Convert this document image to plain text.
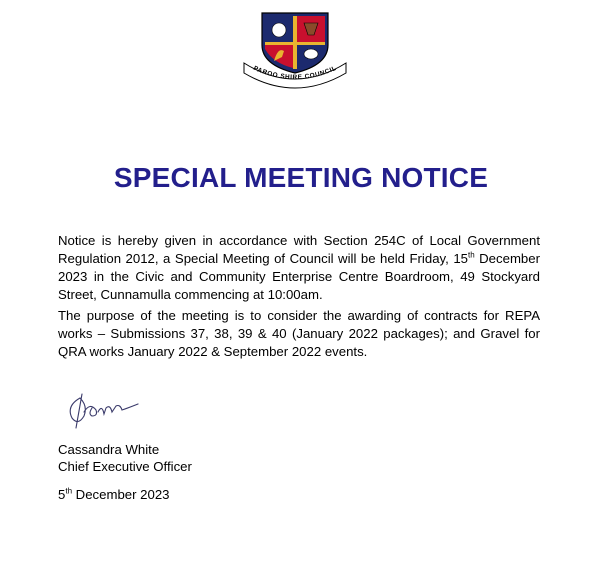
PAROO SHIRE COUNCIL
SPECIAL MEETING NOTICE

Notice is hereby given in accordance with Section 254C of Local Government Regulation 2012, a Special Meeting of Council will be held Friday, 15th December 2023 in the Civic and Community Enterprise Centre Boardroom, 49 Stockyard Street, Cunnamulla commencing at 10:00am.

The purpose of the meeting is to consider the awarding of contracts for REPA works – Submissions 37, 38, 39 & 40 (January 2022 packages); and Gravel for QRA works January 2022 & September 2022 events.

Cassandra White

Chief Executive Officer

5th December 2023
